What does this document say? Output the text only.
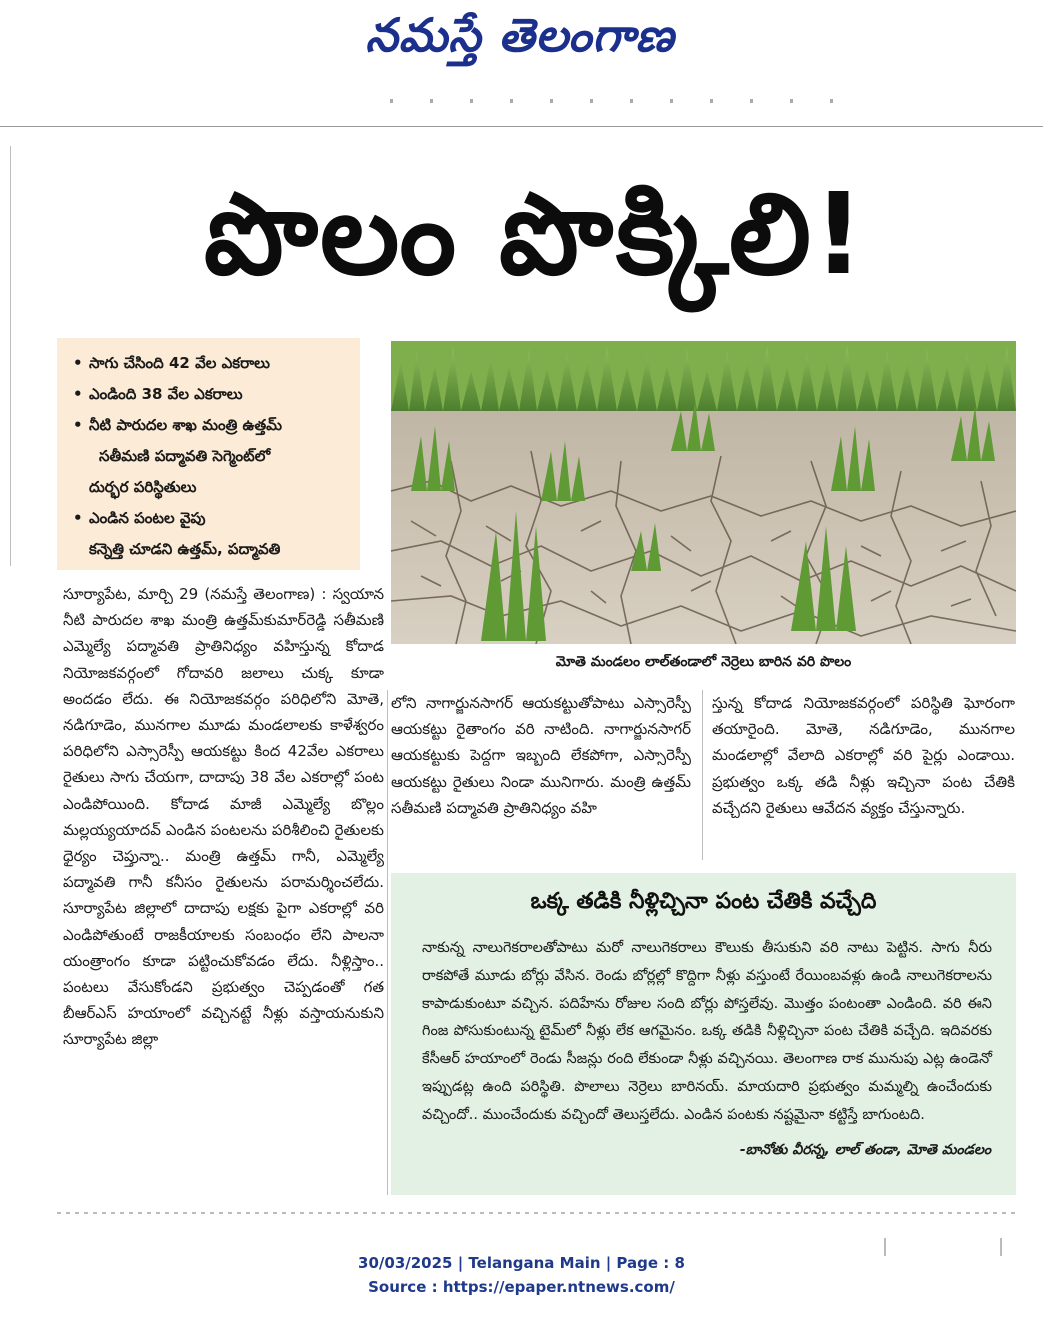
నమస్తే తెలంగాణ
పొలం పొక్కిలి!
• సాగు చేసింది 42 వేల ఎకరాలు
• ఎండింది 38 వేల ఎకరాలు
• నీటి పారుదల శాఖ మంత్రి ఉత్తమ్
సతీమణి పద్మావతి సెగ్మెంట్‌లో
దుర్భర పరిస్థితులు
• ఎండిన పంటల వైపు
కన్నెత్తి చూడని ఉత్తమ్, పద్మావతి
మోతె మండలం లాల్‌తండాలో నెర్రెలు బారిన వరి పొలం
సూర్యాపేట, మార్చి 29 (నమస్తే తెలంగాణ) : స్వయాన నీటి పారుదల శాఖ మంత్రి ఉత్తమ్‌కుమార్‌రెడ్డి సతీమణి ఎమ్మెల్యే పద్మావతి ప్రాతినిధ్యం వహిస్తున్న కోదాడ నియోజకవర్గంలో గోదావరి జలాలు చుక్క కూడా అందడం లేదు. ఈ నియోజకవర్గం పరిధిలోని మోతె, నడిగూడెం, మునగాల మూడు మండలాలకు కాళేశ్వరం పరిధిలోని ఎస్సారెస్పీ ఆయకట్టు కింద 42వేల ఎకరాలు రైతులు సాగు చేయగా, దాదాపు 38 వేల ఎకరాల్లో పంట ఎండిపోయింది. కోదాడ మాజీ ఎమ్మెల్యే బొల్లం మల్లయ్యయాదవ్ ఎండిన పంటలను పరిశీలించి రైతులకు ధైర్యం చెప్తున్నా.. మంత్రి ఉత్తమ్ గానీ, ఎమ్మెల్యే పద్మావతి గానీ కనీసం రైతులను పరామర్శించలేదు. సూర్యాపేట జిల్లాలో దాదాపు లక్షకు పైగా ఎకరాల్లో వరి ఎండిపోతుంటే రాజకీయాలకు సంబంధం లేని పాలనా యంత్రాంగం కూడా పట్టించుకోవడం లేదు. నీళ్లిస్తాం.. పంటలు వేసుకోండని ప్రభుత్వం చెప్పడంతో గత బీఆర్‌ఎస్ హయాంలో వచ్చినట్టే నీళ్లు వస్తాయనుకుని సూర్యాపేట జిల్లా
లోని నాగార్జునసాగర్ ఆయకట్టుతోపాటు ఎస్సారెస్పీ ఆయకట్టు రైతాంగం వరి నాటింది. నాగార్జునసాగర్ ఆయకట్టుకు పెద్దగా ఇబ్బంది లేకపోగా, ఎస్సారెస్పీ ఆయకట్టు రైతులు నిండా మునిగారు. మంత్రి ఉత్తమ్ సతీమణి పద్మావతి ప్రాతినిధ్యం వహి
స్తున్న కోదాడ నియోజకవర్గంలో పరిస్థితి ఘోరంగా తయారైంది. మోతె, నడిగూడెం, మునగాల మండలాల్లో వేలాది ఎకరాల్లో వరి పైర్లు ఎండాయి. ప్రభుత్వం ఒక్క తడి నీళ్లు ఇచ్చినా పంట చేతికి వచ్చేదని రైతులు ఆవేదన వ్యక్తం చేస్తున్నారు.
ఒక్క తడికి నీళ్లిచ్చినా పంట చేతికి వచ్చేది
నాకున్న నాలుగెకరాలతోపాటు మరో నాలుగెకరాలు కౌలుకు తీసుకుని వరి నాటు పెట్టిన. సాగు నీరు రాకపోతే మూడు బోర్లు వేసిన. రెండు బోర్లల్లో కొద్దిగా నీళ్లు వస్తుంటే రేయింబవళ్లు ఉండి నాలుగెకరాలను కాపాడుకుంటూ వచ్చిన. పదిహేను రోజుల సంది బోర్లు పోస్తలేవు. మొత్తం పంటంతా ఎండింది. వరి ఈని గింజ పోసుకుంటున్న టైమ్‌లో నీళ్లు లేక ఆగమైనం. ఒక్క తడికి నీళ్లిచ్చినా పంట చేతికి వచ్చేది. ఇదివరకు కేసీఆర్ హయాంలో రెండు సీజన్లు రంది లేకుండా నీళ్లు వచ్చినయి. తెలంగాణ రాక మునుపు ఎట్ల ఉండెనో ఇప్పుడట్ల ఉంది పరిస్థితి. పొలాలు నెర్రెలు బారినయ్. మాయదారి ప్రభుత్వం మమ్మల్ని ఉంచేందుకు వచ్చిందో.. ముంచేందుకు వచ్చిందో తెలుస్తలేదు. ఎండిన పంటకు నష్టమైనా కట్టిస్తే బాగుంటది.
-బానోతు వీరన్న, లాల్ తండా, మోతె మండలం
30/03/2025 | Telangana Main | Page : 8
Source : https://epaper.ntnews.com/
